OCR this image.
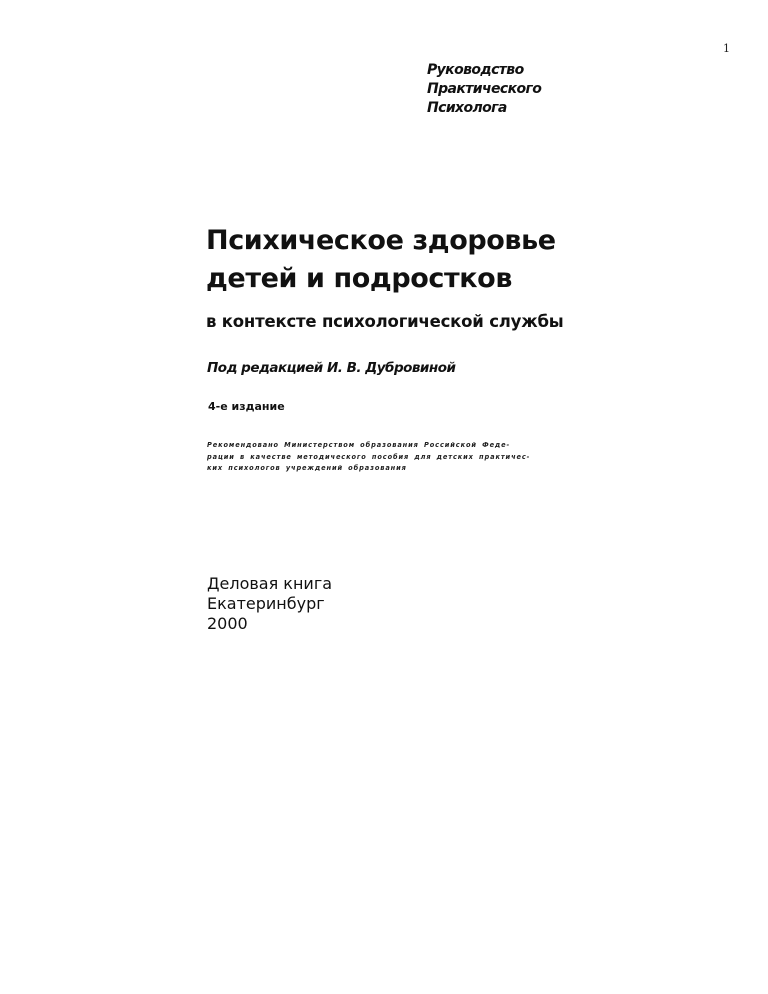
1
Руководство
Практического
Психолога
Психическое здоровье
детей и подростков
в контексте психологической службы
Под редакцией И. В. Дубровиной
4-е издание
Рекомендовано Министерством образования Российской Феде-
рации в качестве методического пособия для детских практичес-
ких психологов учреждений образования
Деловая книга
Екатеринбург
2000
